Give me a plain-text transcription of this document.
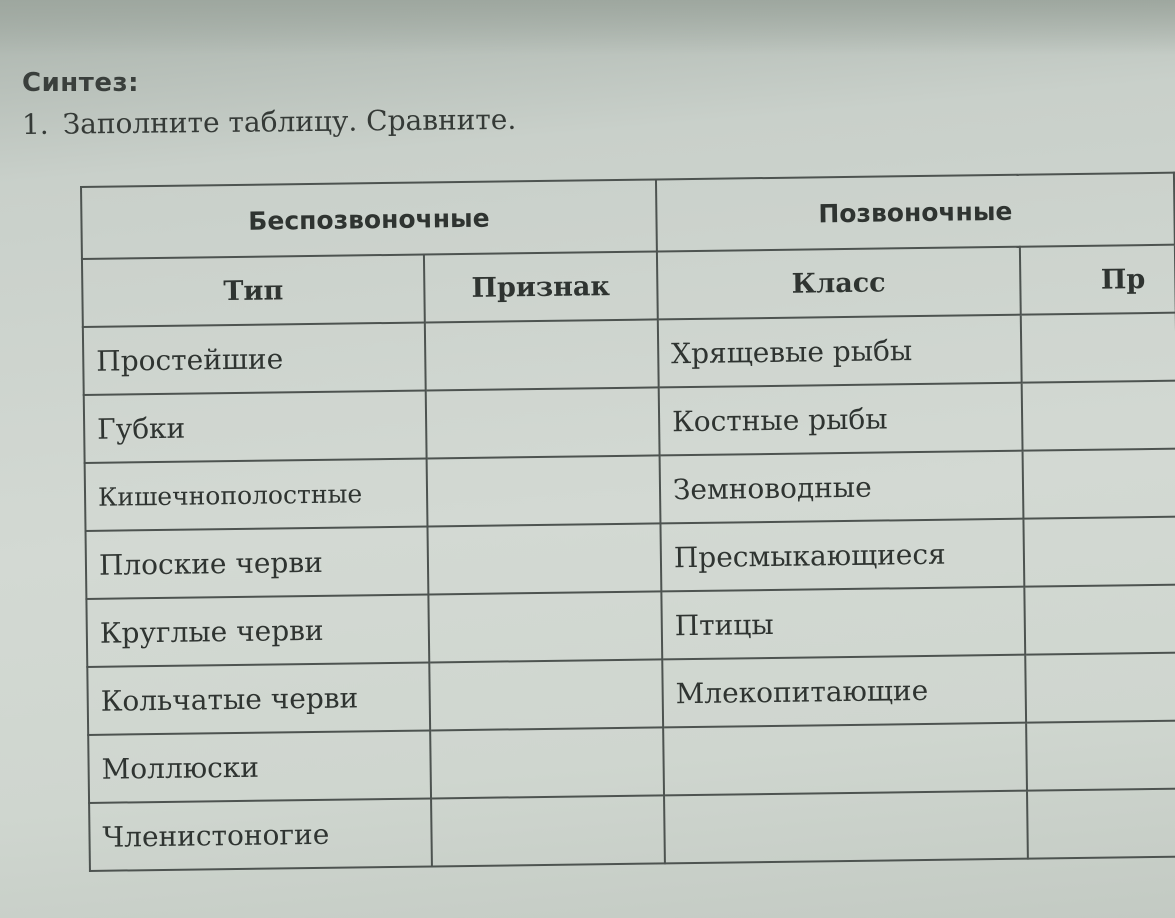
Синтез:
1. Заполните таблицу. Сравните.
Беспозвоночные		Позвоночные	
Тип	Признак	Класс	Пр
Простейшие		Хрящевые рыбы	
Губки		Костные рыбы	
Кишечнополостные		Земноводные	
Плоские черви		Пресмыкающиеся	
Круглые черви		Птицы	
Кольчатые черви		Млекопитающие	
Моллюски			
Членистоногие			
